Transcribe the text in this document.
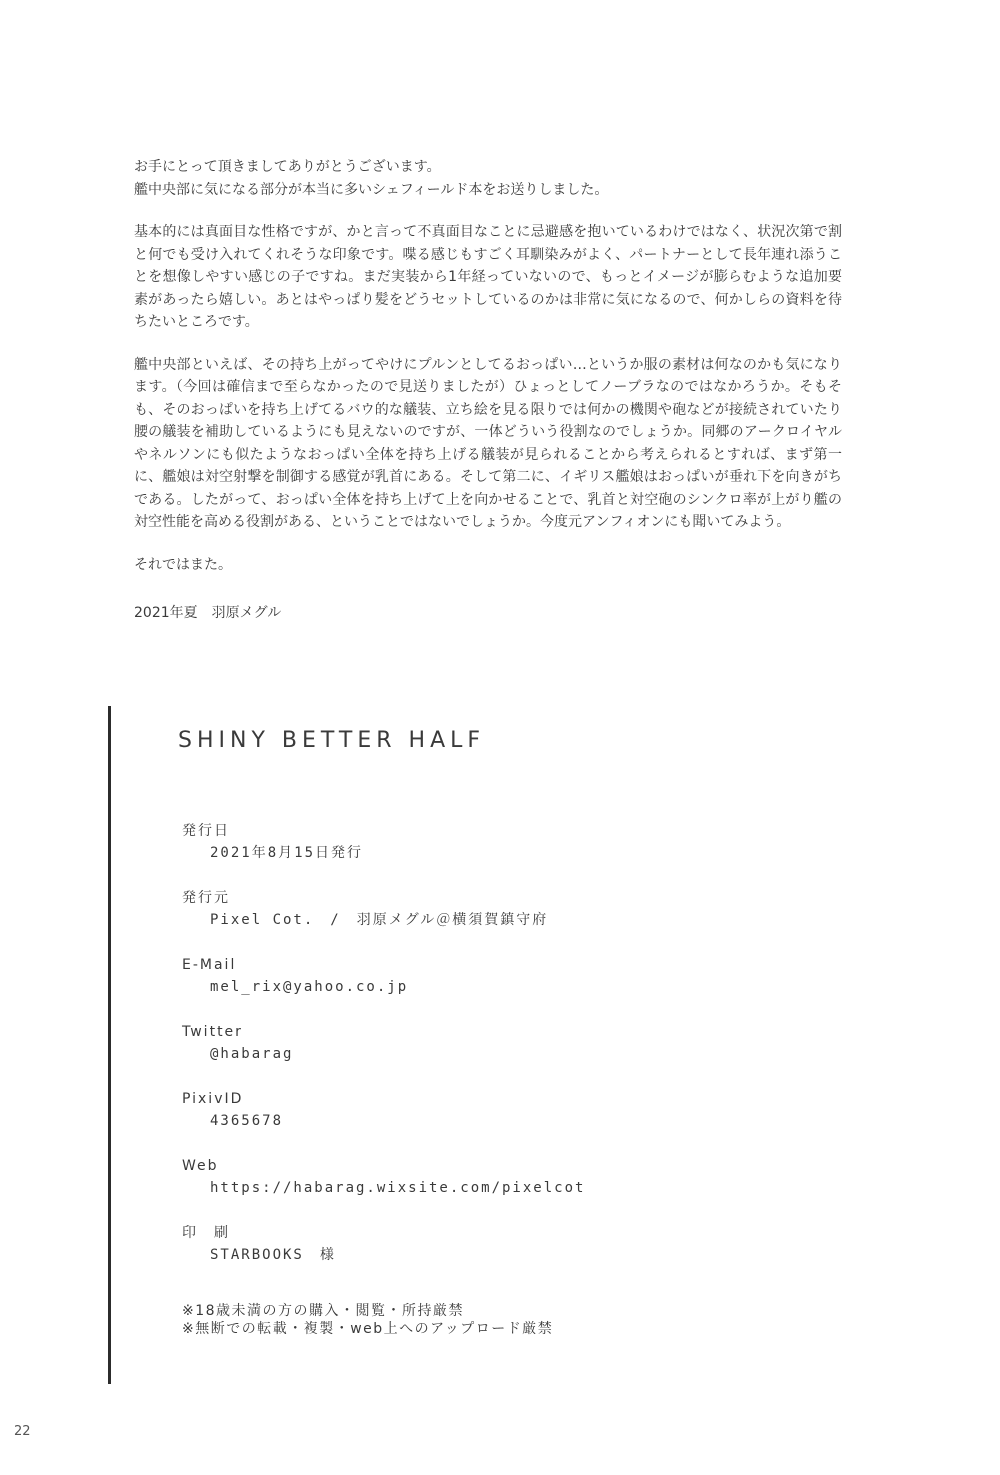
お手にとって頂きましてありがとうございます。
艦中央部に気になる部分が本当に多いシェフィールド本をお送りしました。

基本的には真面目な性格ですが、かと言って不真面目なことに忌避感を抱いているわけではなく、状況次第で割と何でも受け入れてくれそうな印象です。喋る感じもすごく耳馴染みがよく、パートナーとして長年連れ添うことを想像しやすい感じの子ですね。まだ実装から1年経っていないので、もっとイメージが膨らむような追加要素があったら嬉しい。あとはやっぱり髪をどうセットしているのかは非常に気になるので、何かしらの資料を待ちたいところです。

艦中央部といえば、その持ち上がってやけにプルンとしてるおっぱい…というか服の素材は何なのかも気になります。（今回は確信まで至らなかったので見送りましたが）ひょっとしてノーブラなのではなかろうか。そもそも、そのおっぱいを持ち上げてるバウ的な艤装、立ち絵を見る限りでは何かの機関や砲などが接続されていたり腰の艤装を補助しているようにも見えないのですが、一体どういう役割なのでしょうか。同郷のアークロイヤルやネルソンにも似たようなおっぱい全体を持ち上げる艤装が見られることから考えられるとすれば、まず第一に、艦娘は対空射撃を制御する感覚が乳首にある。そして第二に、イギリス艦娘はおっぱいが垂れ下を向きがちである。したがって、おっぱい全体を持ち上げて上を向かせることで、乳首と対空砲のシンクロ率が上がり艦の対空性能を高める役割がある、ということではないでしょうか。今度元アンフィオンにも聞いてみよう。

それではまた。

2021年夏　羽原メグル

SHINY BETTER HALF
発行日
2021年8月15日発行
発行元
Pixel Cot.　/　羽原メグル＠横須賀鎮守府
E-Mail
mel_rix@yahoo.co.jp
Twitter
@habarag
PixivID
4365678
Web
https://habarag.wixsite.com/pixelcot
印　刷
STARBOOKS　様
※18歳未満の方の購入・閲覧・所持厳禁
※無断での転載・複製・web上へのアップロード厳禁
22
